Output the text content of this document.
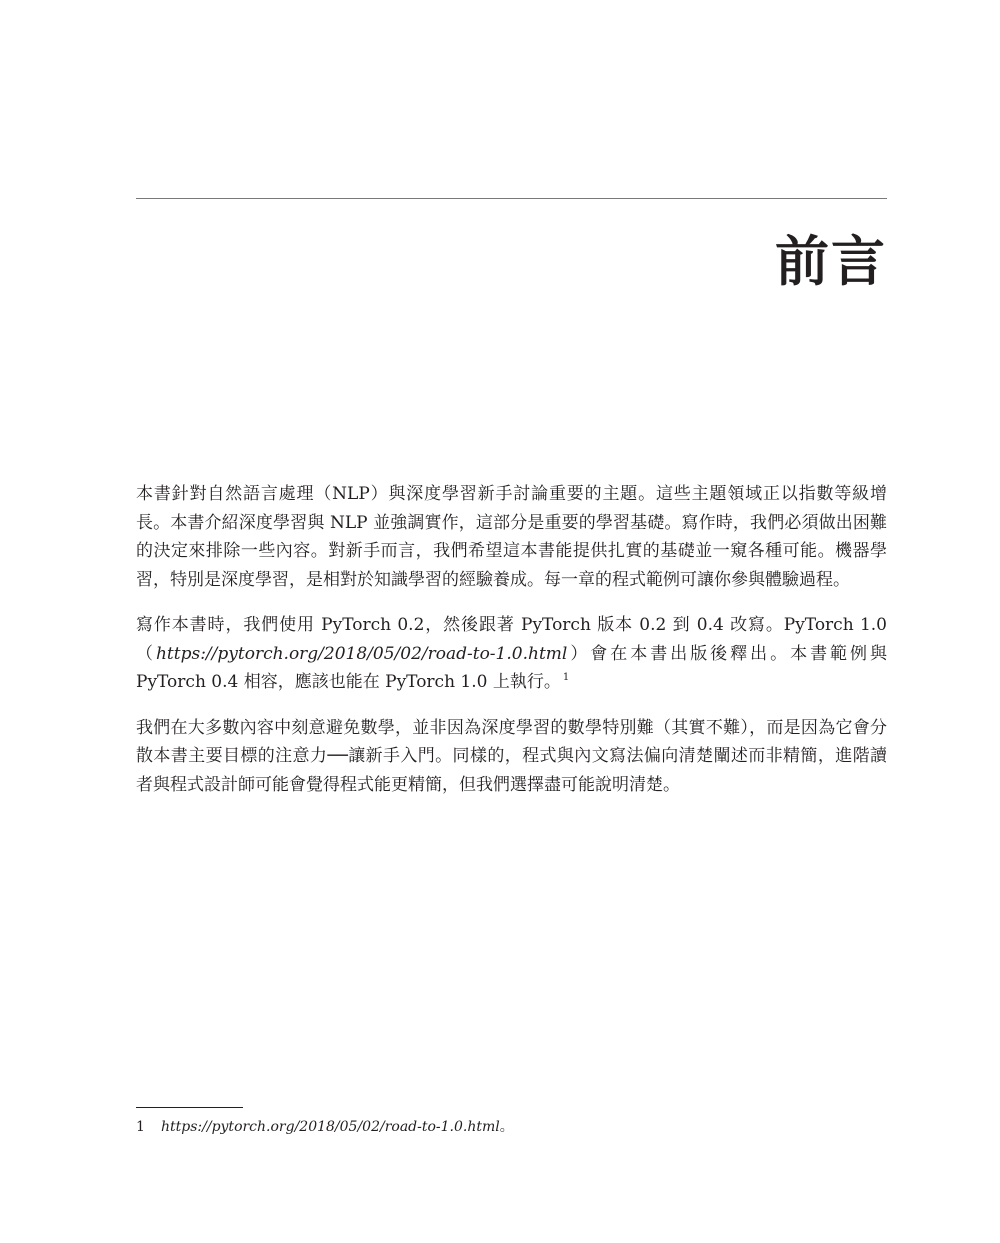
前言

本書針對自然語言處理（NLP）與深度學習新手討論重要的主題。這些主題領域正以指數等級增長。本書介紹深度學習與 NLP 並強調實作，這部分是重要的學習基礎。寫作時，我們必須做出困難的決定來排除一些內容。對新手而言，我們希望這本書能提供扎實的基礎並一窺各種可能。機器學習，特別是深度學習，是相對於知識學習的經驗養成。每一章的程式範例可讓你參與體驗過程。

寫作本書時，我們使用 PyTorch 0.2，然後跟著 PyTorch 版本 0.2 到 0.4 改寫。PyTorch 1.0（https://pytorch.org/2018/05/02/road-to-1.0.html）會在本書出版後釋出。本書範例與 PyTorch 0.4 相容，應該也能在 PyTorch 1.0 上執行。 $^1$

我們在大多數內容中刻意避免數學，並非因為深度學習的數學特別難（其實不難），而是因為它會分散本書主要目標的注意力──讓新手入門。同樣的，程式與內文寫法偏向清楚闡述而非精簡，進階讀者與程式設計師可能會覺得程式能更精簡，但我們選擇盡可能說明清楚。

1 https://pytorch.org/2018/05/02/road-to-1.0.html。
